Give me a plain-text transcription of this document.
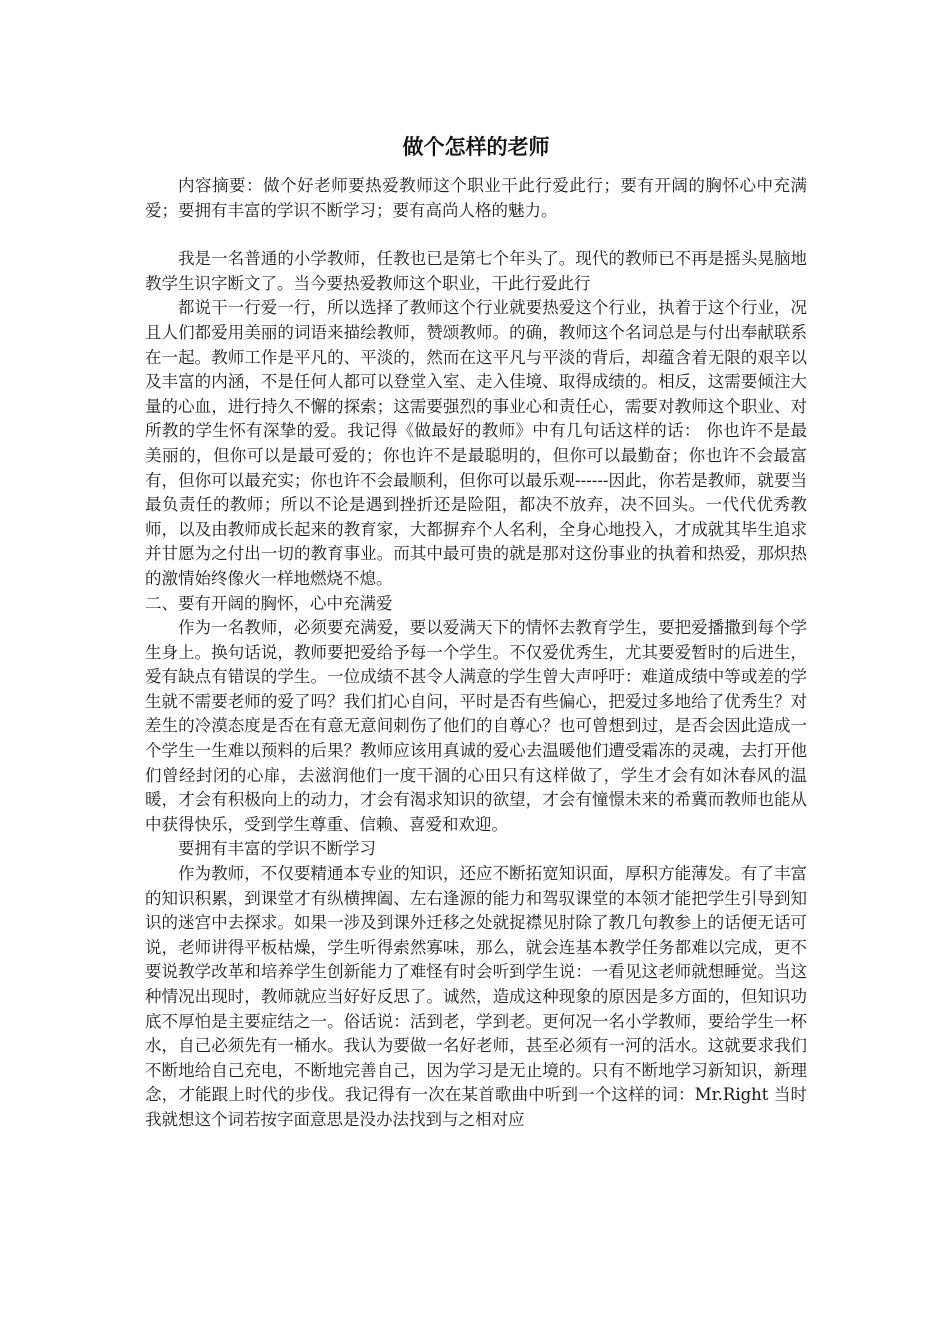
做个怎样的老师

内容摘要：做个好老师要热爱教师这个职业干此行爱此行；要有开阔的胸怀心中充满爱；要拥有丰富的学识不断学习；要有高尚人格的魅力。

我是一名普通的小学教师，任教也已是第七个年头了。现代的教师已不再是摇头晃脑地教学生识字断文了。当今要热爱教师这个职业，干此行爱此行

都说干一行爱一行，所以选择了教师这个行业就要热爱这个行业，执着于这个行业，况且人们都爱用美丽的词语来描绘教师，赞颂教师。的确，教师这个名词总是与付出奉献联系在一起。教师工作是平凡的、平淡的，然而在这平凡与平淡的背后，却蕴含着无限的艰辛以及丰富的内涵，不是任何人都可以登堂入室、走入佳境、取得成绩的。相反，这需要倾注大量的心血，进行持久不懈的探索；这需要强烈的事业心和责任心，需要对教师这个职业、对所教的学生怀有深挚的爱。我记得《做最好的教师》中有几句话这样的话： 你也许不是最美丽的，但你可以是最可爱的；你也许不是最聪明的，但你可以最勤奋；你也许不会最富有，但你可以最充实；你也许不会最顺利，但你可以最乐观------因此，你若是教师，就要当最负责任的教师；所以不论是遇到挫折还是险阻，都决不放弃，决不回头。一代代优秀教师，以及由教师成长起来的教育家，大都摒弃个人名利，全身心地投入，才成就其毕生追求并甘愿为之付出一切的教育事业。而其中最可贵的就是那对这份事业的执着和热爱，那炽热的激情始终像火一样地燃烧不熄。

二、要有开阔的胸怀，心中充满爱

作为一名教师，必须要充满爱，要以爱满天下的情怀去教育学生，要把爱播撒到每个学生身上。换句话说，教师要把爱给予每一个学生。不仅爱优秀生，尤其要爱暂时的后进生，爱有缺点有错误的学生。一位成绩不甚令人满意的学生曾大声呼吁：难道成绩中等或差的学生就不需要老师的爱了吗？我们扪心自问，平时是否有些偏心，把爱过多地给了优秀生？对差生的冷漠态度是否在有意无意间刺伤了他们的自尊心？也可曾想到过，是否会因此造成一个学生一生难以预料的后果？教师应该用真诚的爱心去温暖他们遭受霜冻的灵魂，去打开他们曾经封闭的心扉，去滋润他们一度干涸的心田只有这样做了，学生才会有如沐春风的温暖，才会有积极向上的动力，才会有渴求知识的欲望，才会有憧憬未来的希冀而教师也能从中获得快乐，受到学生尊重、信赖、喜爱和欢迎。

要拥有丰富的学识不断学习

作为教师，不仅要精通本专业的知识，还应不断拓宽知识面，厚积方能薄发。有了丰富的知识积累，到课堂才有纵横捭阖、左右逢源的能力和驾驭课堂的本领才能把学生引导到知识的迷宫中去探求。如果一涉及到课外迁移之处就捉襟见肘除了教几句教参上的话便无话可说，老师讲得平板枯燥，学生听得索然寡味，那么，就会连基本教学任务都难以完成，更不要说教学改革和培养学生创新能力了难怪有时会听到学生说：一看见这老师就想睡觉。当这种情况出现时，教师就应当好好反思了。诚然，造成这种现象的原因是多方面的，但知识功底不厚怕是主要症结之一。俗话说：活到老，学到老。更何况一名小学教师，要给学生一杯水，自己必须先有一桶水。我认为要做一名好老师，甚至必须有一河的活水。这就要求我们不断地给自己充电，不断地完善自己，因为学习是无止境的。只有不断地学习新知识，新理念，才能跟上时代的步伐。我记得有一次在某首歌曲中听到一个这样的词：Mr.Right 当时我就想这个词若按字面意思是没办法找到与之相对应
